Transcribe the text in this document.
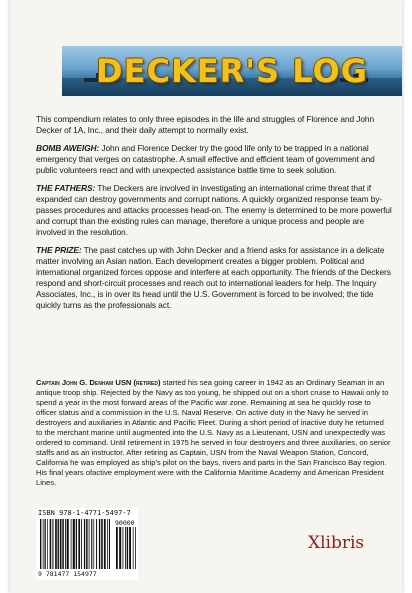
DECKER'S LOG

This compendium relates to only three episodes in the life and struggles of Florence and John Decker of 1A, Inc., and their daily attempt to normally exist.

BOMB AWEIGH: John and Florence Decker try the good life only to be trapped in a national emergency that verges on catastrophe. A small effective and efficient team of government and public volunteers react and with unexpected assistance battle time to seek solution.

THE FATHERS: The Deckers are involved in investigating an international crime threat that if expanded can destroy governments and corrupt nations. A quickly organized response team by-passes procedures and attacks processes head-on. The enemy is determined to be more powerful and corrupt than the existing rules can manage, therefore a unique process and people are involved in the resolution.

THE PRIZE: The past catches up with John Decker and a friend asks for assistance in a delicate matter involving an Asian nation. Each development creates a bigger problem. Political and international organized forces oppose and interfere at each opportunity. The friends of the Deckers respond and short-circuit processes and reach out to international leaders for help. The Inquiry Associates, Inc., is in over its head until the U.S. Government is forced to be involved; the tide quickly turns as the professionals act.

Captain John G. Denham USN (retired) started his sea going career in 1942 as an Ordinary Seaman in an antique troop ship. Rejected by the Navy as too young, he shipped out on a short cruise to Hawaii only to spend a year in the most forward areas of the Pacific war zone. Remaining at sea he quickly rose to officer status and a commission in the U.S. Naval Reserve. On active duty in the Navy he served in destroyers and auxiliaries in Atlantic and Pacific Fleet. During a short period of inactive duty he returned to the merchant marine until augmented into the U.S. Navy as a Lieutenant, USN and unexpectedly was ordered to command. Until retirement in 1975 he served in four destroyers and three auxiliaries, on senior staffs and as an instructor. After retiring as Captain, USN from the Naval Weapon Station, Concord, California he was employed as ship's pilot on the bays, rivers and parts in the San Francisco Bay region. His final years ofactive employment were with the California Maritime Academy and American President Lines.
ISBN 978-1-4771-5497-7
9 781477 154977
90000
Xlibris
